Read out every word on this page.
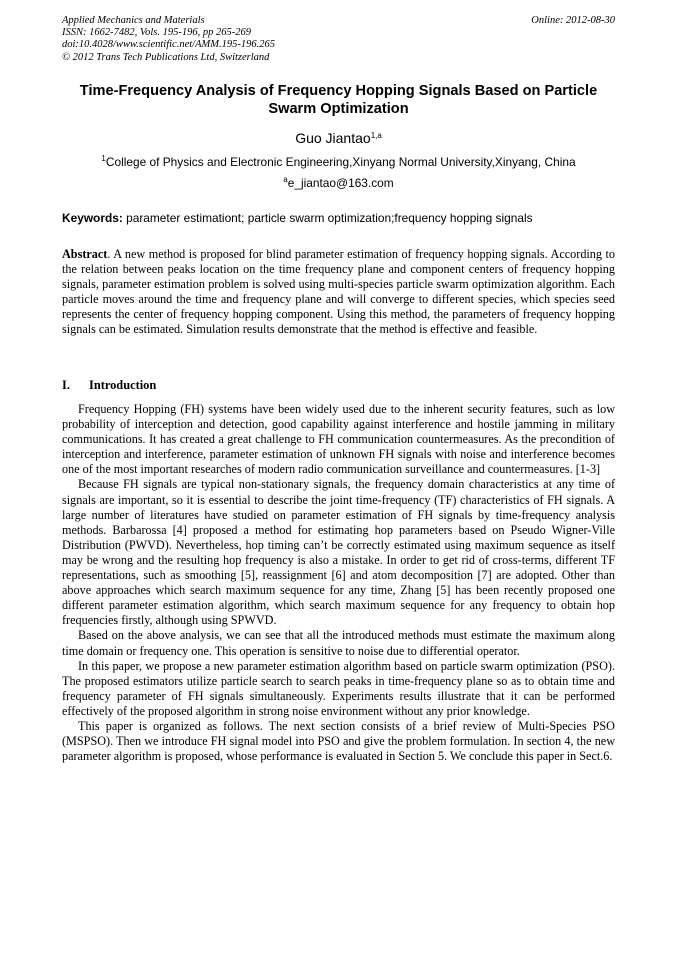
Applied Mechanics and Materials
ISSN: 1662-7482, Vols. 195-196, pp 265-269
doi:10.4028/www.scientific.net/AMM.195-196.265
© 2012 Trans Tech Publications Ltd, Switzerland
Online: 2012-08-30
Time-Frequency Analysis of Frequency Hopping Signals Based on Particle Swarm Optimization
Guo Jiantao$^{1,a}$
$^1$College of Physics and Electronic Engineering,Xinyang Normal University,Xinyang, China
$^a$e_jiantao@163.com
Keywords: parameter estimationt; particle swarm optimization;frequency hopping signals
Abstract. A new method is proposed for blind parameter estimation of frequency hopping signals. According to the relation between peaks location on the time frequency plane and component centers of frequency hopping signals, parameter estimation problem is solved using multi-species particle swarm optimization algorithm. Each particle moves around the time and frequency plane and will converge to different species, which species seed represents the center of frequency hopping component. Using this method, the parameters of frequency hopping signals can be estimated. Simulation results demonstrate that the method is effective and feasible.
I. Introduction

Frequency Hopping (FH) systems have been widely used due to the inherent security features, such as low probability of interception and detection, good capability against interference and hostile jamming in military communications. It has created a great challenge to FH communication countermeasures. As the precondition of interception and interference, parameter estimation of unknown FH signals with noise and interference becomes one of the most important researches of modern radio communication surveillance and countermeasures. [1-3]

Because FH signals are typical non-stationary signals, the frequency domain characteristics at any time of signals are important, so it is essential to describe the joint time-frequency (TF) characteristics of FH signals. A large number of literatures have studied on parameter estimation of FH signals by time-frequency analysis methods. Barbarossa [4] proposed a method for estimating hop parameters based on Pseudo Wigner-Ville Distribution (PWVD). Nevertheless, hop timing can’t be correctly estimated using maximum sequence as itself may be wrong and the resulting hop frequency is also a mistake. In order to get rid of cross-terms, different TF representations, such as smoothing [5], reassignment [6] and atom decomposition [7] are adopted. Other than above approaches which search maximum sequence for any time, Zhang [5] has been recently proposed one different parameter estimation algorithm, which search maximum sequence for any frequency to obtain hop frequencies firstly, although using SPWVD.

Based on the above analysis, we can see that all the introduced methods must estimate the maximum along time domain or frequency one. This operation is sensitive to noise due to differential operator.

In this paper, we propose a new parameter estimation algorithm based on particle swarm optimization (PSO). The proposed estimators utilize particle search to search peaks in time-frequency plane so as to obtain time and frequency parameter of FH signals simultaneously. Experiments results illustrate that it can be performed effectively of the proposed algorithm in strong noise environment without any prior knowledge.

This paper is organized as follows. The next section consists of a brief review of Multi-Species PSO (MSPSO). Then we introduce FH signal model into PSO and give the problem formulation. In section 4, the new parameter algorithm is proposed, whose performance is evaluated in Section 5. We conclude this paper in Sect.6.
